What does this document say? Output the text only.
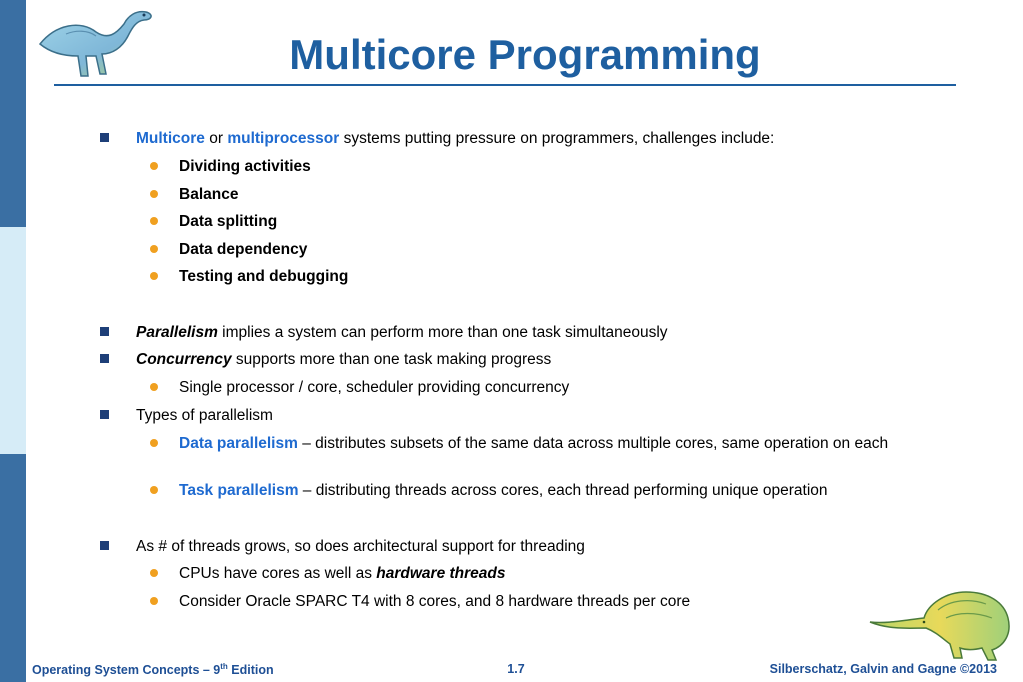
Multicore Programming
Multicore or multiprocessor systems putting pressure on programmers, challenges include:
Dividing activities
Balance
Data splitting
Data dependency
Testing and debugging
Parallelism implies a system can perform more than one task simultaneously
Concurrency supports more than one task making progress
Single processor / core, scheduler providing concurrency
Types of parallelism
Data parallelism – distributes subsets of the same data across multiple cores, same operation on each
Task parallelism – distributing threads across cores, each thread performing unique operation
As # of threads grows, so does architectural support for threading
CPUs have cores as well as hardware threads
Consider Oracle SPARC T4 with 8 cores, and 8 hardware threads per core
Operating System Concepts – 9th Edition	1.7	Silberschatz, Galvin and Gagne ©2013
